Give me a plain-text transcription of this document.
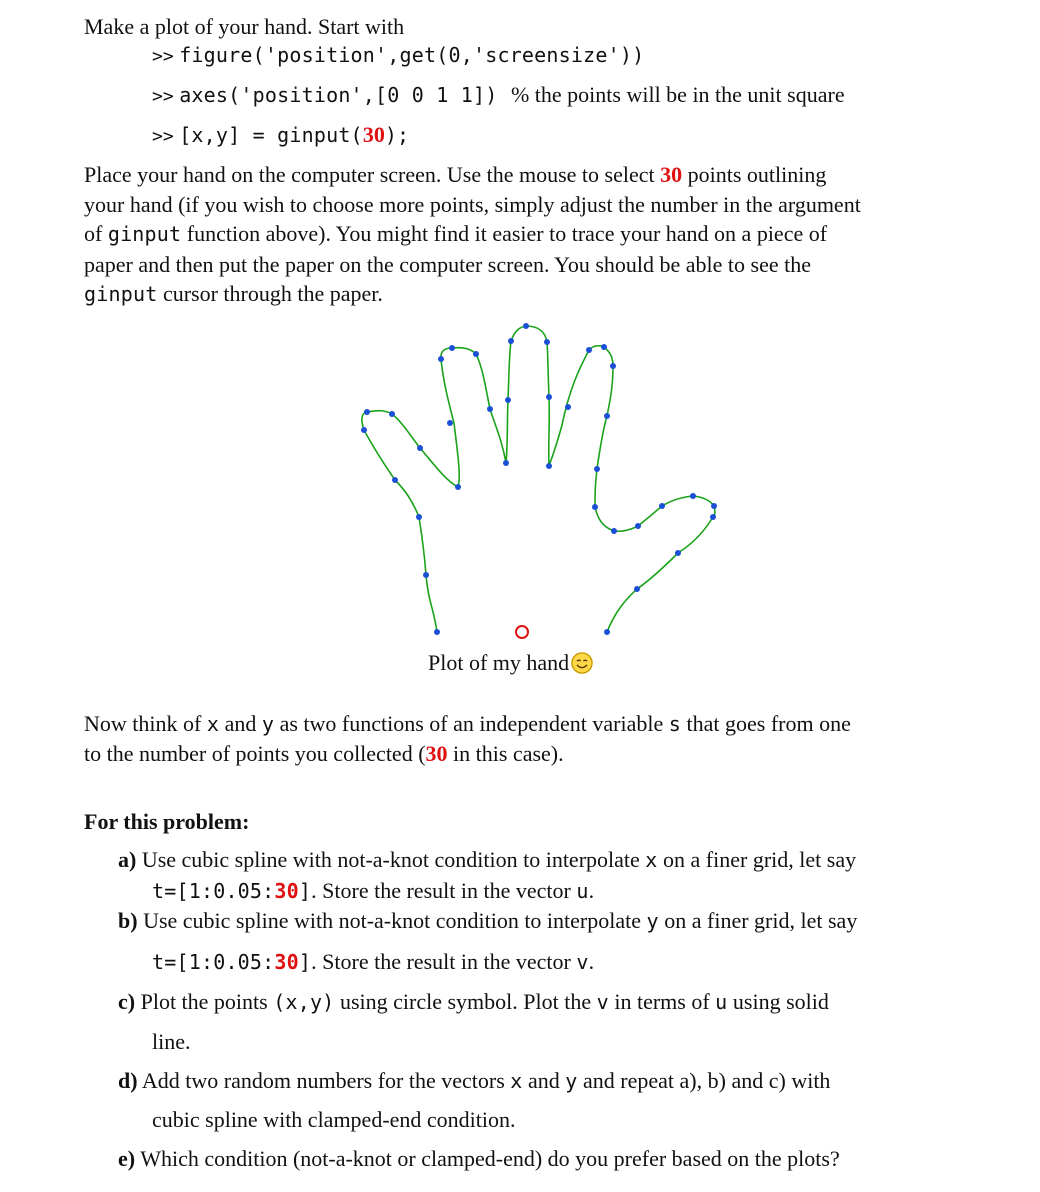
Make a plot of your hand. Start with
>> figure('position',get(0,'screensize'))
>> axes('position',[0 0 1 1]) % the points will be in the unit square
>> [x,y] = ginput(30);
Place your hand on the computer screen. Use the mouse to select 30 points outlining
your hand (if you wish to choose more points, simply adjust the number in the argument
of ginput function above). You might find it easier to trace your hand on a piece of
paper and then put the paper on the computer screen. You should be able to see the
ginput cursor through the paper.
Plot of my hand
Now think of x and y as two functions of an independent variable s that goes from one
to the number of points you collected (30 in this case).
For this problem:
a) Use cubic spline with not-a-knot condition to interpolate x on a finer grid, let say
t=[1:0.05:30]. Store the result in the vector u.
b) Use cubic spline with not-a-knot condition to interpolate y on a finer grid, let say
t=[1:0.05:30]. Store the result in the vector v.
c) Plot the points (x,y) using circle symbol. Plot the v in terms of u using solid
line.
d) Add two random numbers for the vectors x and y and repeat a), b) and c) with
cubic spline with clamped-end condition.
e) Which condition (not-a-knot or clamped-end) do you prefer based on the plots?
